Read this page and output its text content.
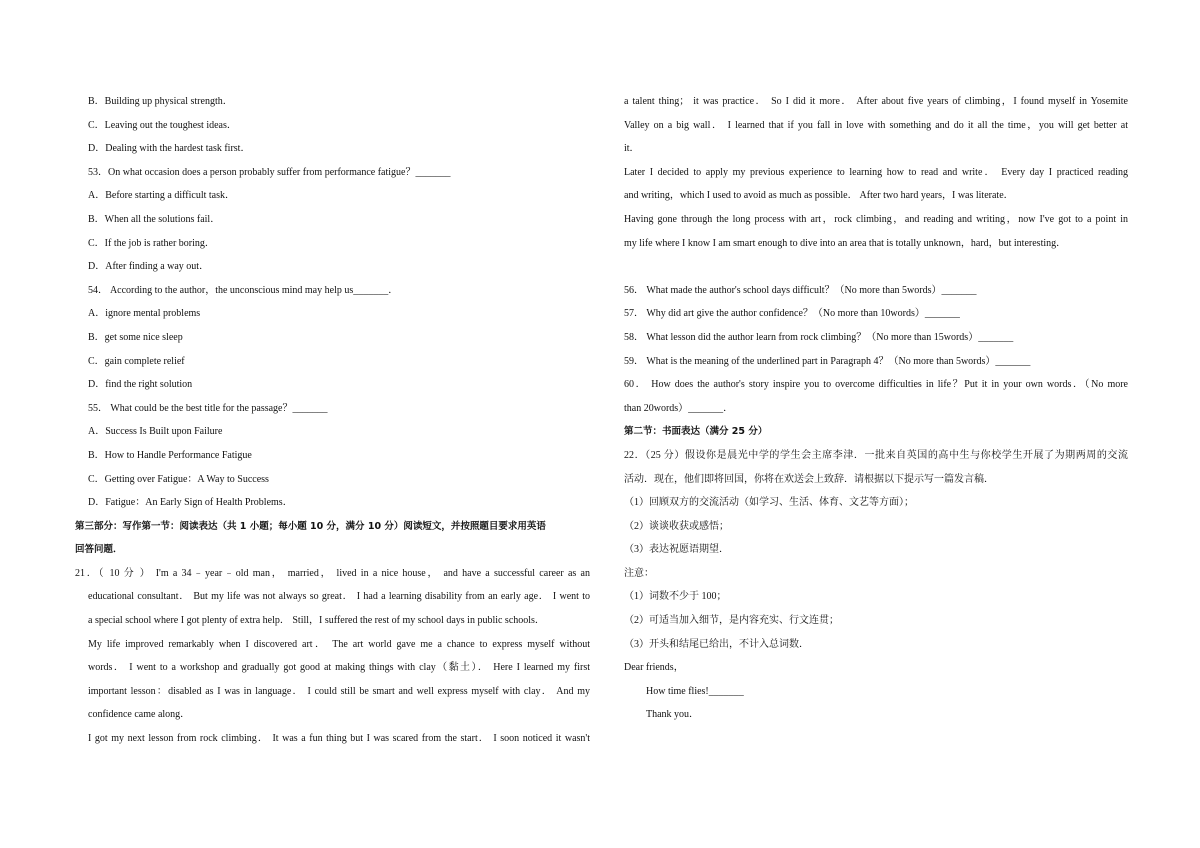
B．Building up physical strength．
C．Leaving out the toughest ideas．
D．Dealing with the hardest task first．
53．On what occasion does a person probably suffer from performance fatigue？_______
A．Before starting a difficult task．
B．When all the solutions fail．
C．If the job is rather boring．
D．After finding a way out．
54． According to the author，the unconscious mind may help us_______．
A．ignore mental problems
B．get some nice sleep
C．gain complete relief
D．find the right solution
55． What could be the best title for the passage？_______
A．Success Is Built upon Failure
B．How to Handle Performance Fatigue
C．Getting over Fatigue：A Way to Success
D．Fatigue：An Early Sign of Health Problems．
第三部分：写作第一节：阅读表达（共 1 小题；每小题 10 分，满分 10 分）阅读短文，并按照题目要求用英语
回答问题．
21．（ 10 分 ） I'm a 34﹣year﹣old man， married， lived in a nice house， and have a successful career as an
educational consultant． But my life was not always so great． I had a learning disability from an early age． I went to
a special school where I got plenty of extra help． Still，I suffered the rest of my school days in public schools．
My life improved remarkably when I discovered art． The art world gave me a chance to express myself without
words． I went to a workshop and gradually got good at making things with clay（黏土）． Here I learned my first
important lesson：disabled as I was in language． I could still be smart and well express myself with clay． And my
confidence came along．
I got my next lesson from rock climbing． It was a fun thing but I was scared from the start． I soon noticed it wasn't
a talent thing； it was practice． So I did it more． After about five years of climbing，I found myself in Yosemite
Valley on a big wall． I learned that if you fall in love with something and do it all the time，you will get better at
it．
Later I decided to apply my previous experience to learning how to read and write． Every day I practiced reading
and writing，which I used to avoid as much as possible． After two hard years，I was literate．
Having gone through the long process with art，rock climbing，and reading and writing，now I've got to a point in
my life where I know I am smart enough to dive into an area that is totally unknown，hard，but interesting．
56． What made the author's school days difficult？（No more than 5words）_______
57． Why did art give the author confidence？（No more than 10words）_______
58． What lesson did the author learn from rock climbing？（No more than 15words）_______
59． What is the meaning of the underlined part in Paragraph 4？（No more than 5words）_______
60． How does the author's story inspire you to overcome difficulties in life？Put it in your own words．（No more
than 20words）_______．
第二节：书面表达（满分 25 分）
22．（25 分）假设你是晨光中学的学生会主席李津．一批来自英国的高中生与你校学生开展了为期两周的交流
活动．现在，他们即将回国，你将在欢送会上致辞．请根据以下提示写一篇发言稿．
（1）回顾双方的交流活动（如学习、生活、体育、文艺等方面）；
（2）谈谈收获或感悟；
（3）表达祝愿语期望．
注意：
（1）词数不少于 100；
（2）可适当加入细节，是内容充实、行文连贯；
（3）开头和结尾已给出，不计入总词数．
Dear friends，
How time flies!_______
Thank you．
